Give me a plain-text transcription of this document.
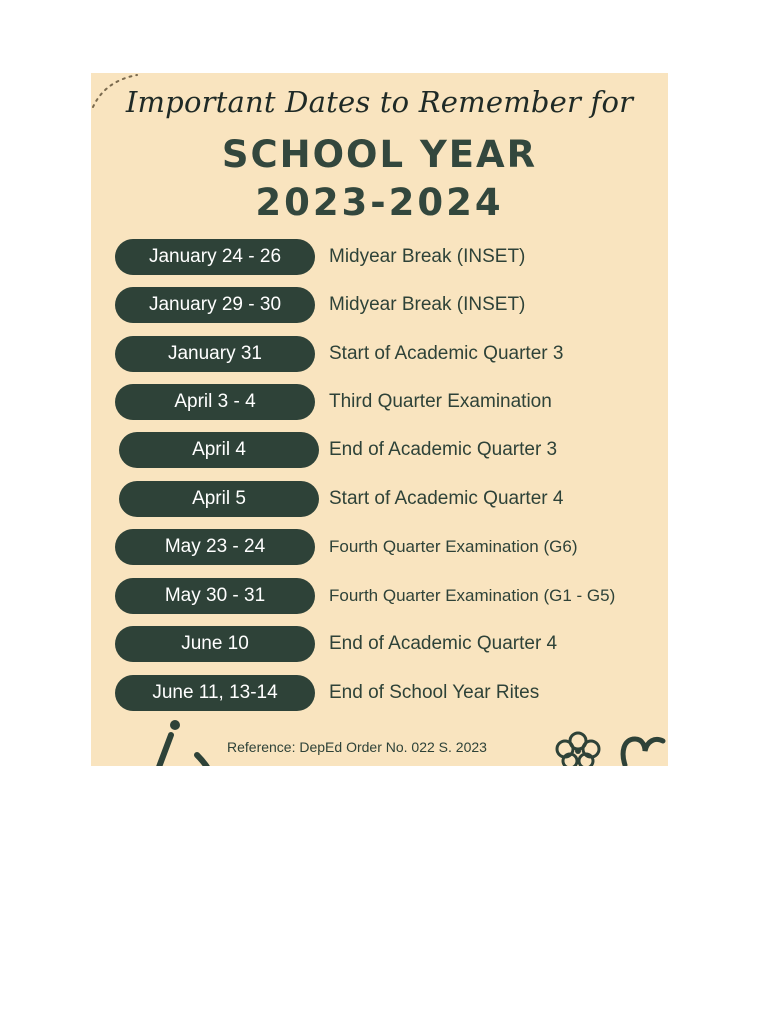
Important Dates to Remember for
SCHOOL YEAR
2023-2024
January 24 - 26	Midyear Break (INSET)
January 29 - 30	Midyear Break (INSET)
January 31	Start of Academic Quarter 3
April 3 - 4	Third Quarter Examination
April 4	End of Academic Quarter 3
April 5	Start of Academic Quarter 4
May 23 - 24	Fourth Quarter Examination (G6)
May 30 - 31	Fourth Quarter Examination (G1 - G5)
June 10	End of Academic Quarter 4
June 11, 13-14	End of School Year Rites
Reference: DepEd Order No. 022 S. 2023
